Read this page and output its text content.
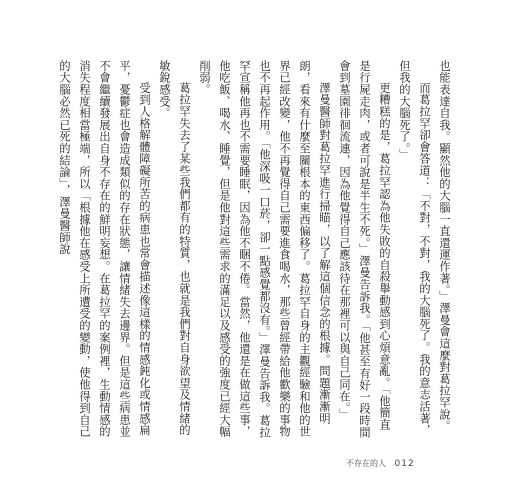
也能表達自我。顯然他的大腦一直還運作著。」澤曼會這麼對葛拉罕說。

而葛拉罕卻會答道：「不對，不對，我的大腦死了。我的意志活著，但我的大腦死了。」

更糟糕的是，葛拉罕認為他失敗的自殺舉動感到心煩意亂。「他簡直是行屍走肉，或者可說是半生不死。」澤曼告訴我。「他甚至有好一段時間會到墓園徘徊流連，因為他覺得自己應該待在那裡可以與自己同在。」

澤曼醫師對葛拉罕進行掃瞄，以了解這個信念的根據。問題漸漸明朗，看來有什麼至關根本的東西偏移了。葛拉罕自身的主觀經驗和他的世界已經改變，他不再覺得自己需要進食喝水，那些曾經帶給他歡樂的事物也不再起作用。「他深吸一口菸，卻一點感覺都沒有。」澤曼告訴我。葛拉罕宣稱他再也不需要睡眠，因為他不睏不倦。當然，他還是在做這些事，他吃飯、喝水、睡覺，但是他對這些需求的滿足以及感受的強度已經大幅削弱。

葛拉罕失去了某些我們都有的特質，也就是我們對自身欲望及情緒的敏銳感受。

受到人格解體障礙所苦的病患也常會描述像這樣的情感鈍化或情感扁平，憂鬱症也會造成類似的存在狀態，讓情緒失去邊界。但是這些病患並不會繼續發展出自身不存在的鮮明妄想。在葛拉罕的案例裡，生動情感的消失程度相當極端，所以「根據他在感受上所遭受的變動，使他得到自己的大腦必然已死的結論」，澤曼醫師說

不存在的人 012
